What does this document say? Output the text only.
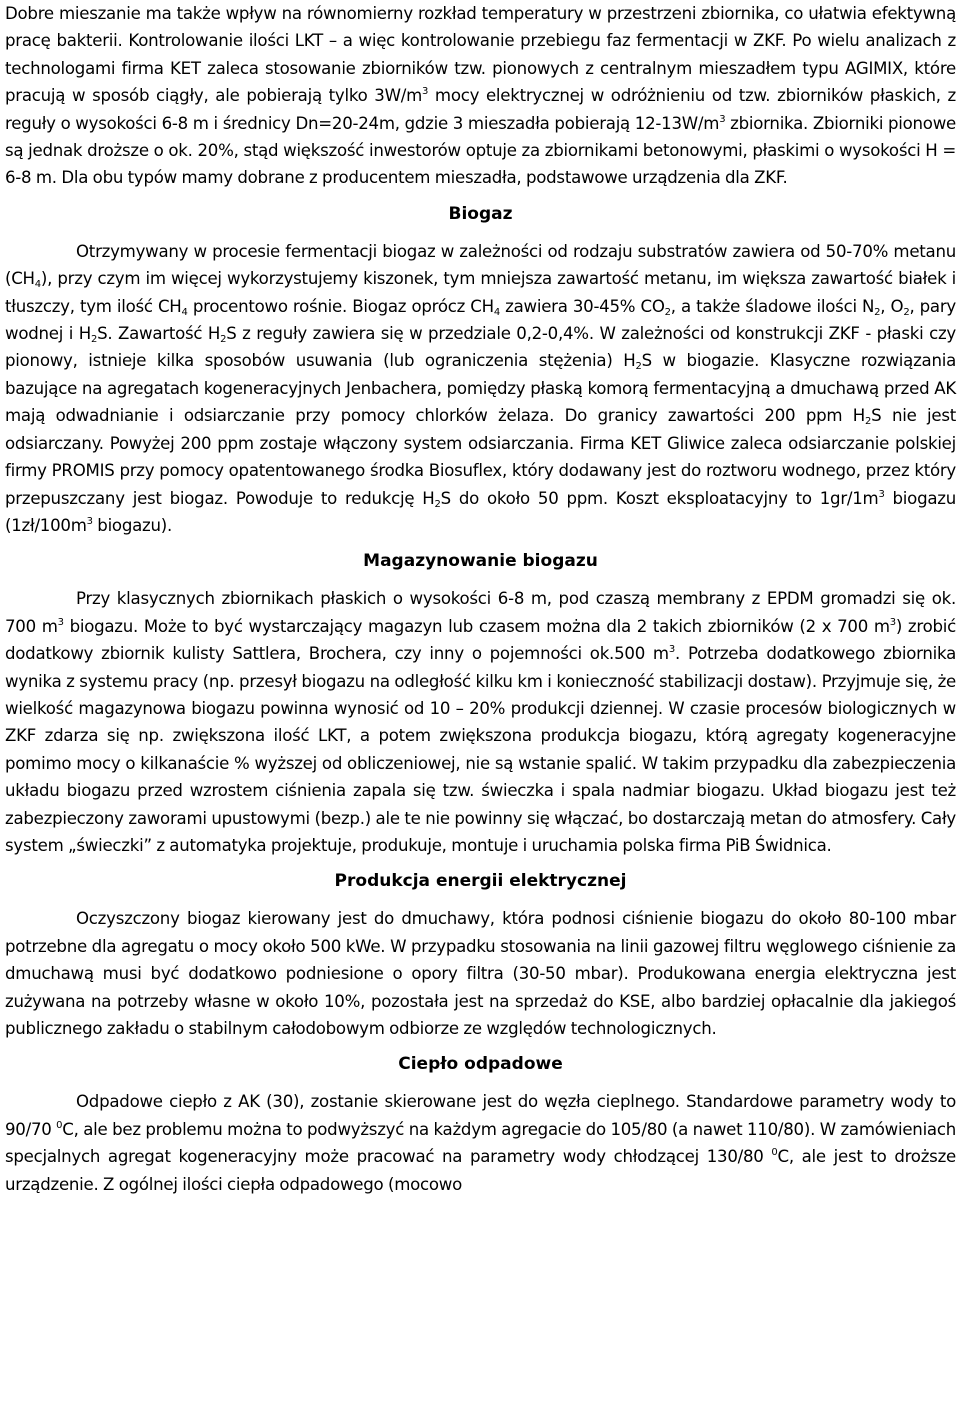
Dobre mieszanie ma także wpływ na równomierny rozkład temperatury w przestrzeni zbiornika, co ułatwia efektywną pracę bakterii. Kontrolowanie ilości LKT – a więc kontrolowanie przebiegu faz fermentacji w ZKF. Po wielu analizach z technologami firma KET zaleca stosowanie zbiorników tzw. pionowych z centralnym mieszadłem typu AGIMIX, które pracują w sposób ciągły, ale pobierają tylko $3W/m^3$ mocy elektrycznej w odróżnieniu od tzw. zbiorników płaskich, z reguły o wysokości 6-8 m i średnicy Dn=20-24m, gdzie 3 mieszadła pobierają $12-13W/m^3$ zbiornika. Zbiorniki pionowe są jednak droższe o ok. 20%, stąd większość inwestorów optuje za zbiornikami betonowymi, płaskimi o wysokości H = 6-8 m. Dla obu typów mamy dobrane z producentem mieszadła, podstawowe urządzenia dla ZKF.

Biogaz

Otrzymywany w procesie fermentacji biogaz w zależności od rodzaju substratów zawiera od 50-70% metanu $(CH_4)$, przy czym im więcej wykorzystujemy kiszonek, tym mniejsza zawartość metanu, im większa zawartość białek i tłuszczy, tym ilość $CH_4$ procentowo rośnie. Biogaz oprócz $CH_4$ zawiera 30-45% $CO_2$, a także śladowe ilości $N_2$, $O_2$, pary wodnej i $H_2S$. Zawartość $H_2S$ z reguły zawiera się w przedziale 0,2-0,4%. W zależności od konstrukcji ZKF - płaski czy pionowy, istnieje kilka sposobów usuwania (lub ograniczenia stężenia) $H_2S$ w biogazie. Klasyczne rozwiązania bazujące na agregatach kogeneracyjnych Jenbachera, pomiędzy płaską komorą fermentacyjną a dmuchawą przed AK mają odwadnianie i odsiarczanie przy pomocy chlorków żelaza. Do granicy zawartości 200 ppm $H_2S$ nie jest odsiarczany. Powyżej 200 ppm zostaje włączony system odsiarczania. Firma KET Gliwice zaleca odsiarczanie polskiej firmy PROMIS przy pomocy opatentowanego środka Biosuflex, który dodawany jest do roztworu wodnego, przez który przepuszczany jest biogaz. Powoduje to redukcję $H_2S$ do około 50 ppm. Koszt eksploatacyjny to $1gr/1m^3$ biogazu ($1zł/100m^3$ biogazu).

Magazynowanie biogazu

Przy klasycznych zbiornikach płaskich o wysokości 6-8 m, pod czaszą membrany z EPDM gromadzi się ok. 700 $m^3$ biogazu. Może to być wystarczający magazyn lub czasem można dla 2 takich zbiorników (2 x 700 $m^3$) zrobić dodatkowy zbiornik kulisty Sattlera, Brochera, czy inny o pojemności ok.500 $m^3$. Potrzeba dodatkowego zbiornika wynika z systemu pracy (np. przesył biogazu na odległość kilku km i konieczność stabilizacji dostaw). Przyjmuje się, że wielkość magazynowa biogazu powinna wynosić od 10 – 20% produkcji dziennej. W czasie procesów biologicznych w ZKF zdarza się np. zwiększona ilość LKT, a potem zwiększona produkcja biogazu, którą agregaty kogeneracyjne pomimo mocy o kilkanaście % wyższej od obliczeniowej, nie są wstanie spalić. W takim przypadku dla zabezpieczenia układu biogazu przed wzrostem ciśnienia zapala się tzw. świeczka i spala nadmiar biogazu. Układ biogazu jest też zabezpieczony zaworami upustowymi (bezp.) ale te nie powinny się włączać, bo dostarczają metan do atmosfery. Cały system „świeczki” z automatyka projektuje, produkuje, montuje i uruchamia polska firma PiB Świdnica.

Produkcja energii elektrycznej

Oczyszczony biogaz kierowany jest do dmuchawy, która podnosi ciśnienie biogazu do około 80-100 mbar potrzebne dla agregatu o mocy około 500 kWe. W przypadku stosowania na linii gazowej filtru węglowego ciśnienie za dmuchawą musi być dodatkowo podniesione o opory filtra (30-50 mbar). Produkowana energia elektryczna jest zużywana na potrzeby własne w około 10%, pozostała jest na sprzedaż do KSE, albo bardziej opłacalnie dla jakiegoś publicznego zakładu o stabilnym całodobowym odbiorze ze względów technologicznych.

Ciepło odpadowe

Odpadowe ciepło z AK (30), zostanie skierowane jest do węzła cieplnego. Standardowe parametry wody to 90/70 $^0$C, ale bez problemu można to podwyższyć na każdym agregacie do 105/80 (a nawet 110/80). W zamówieniach specjalnych agregat kogeneracyjny może pracować na parametry wody chłodzącej 130/80 $^0$C, ale jest to droższe urządzenie. Z ogólnej ilości ciepła odpadowego (mocowo
